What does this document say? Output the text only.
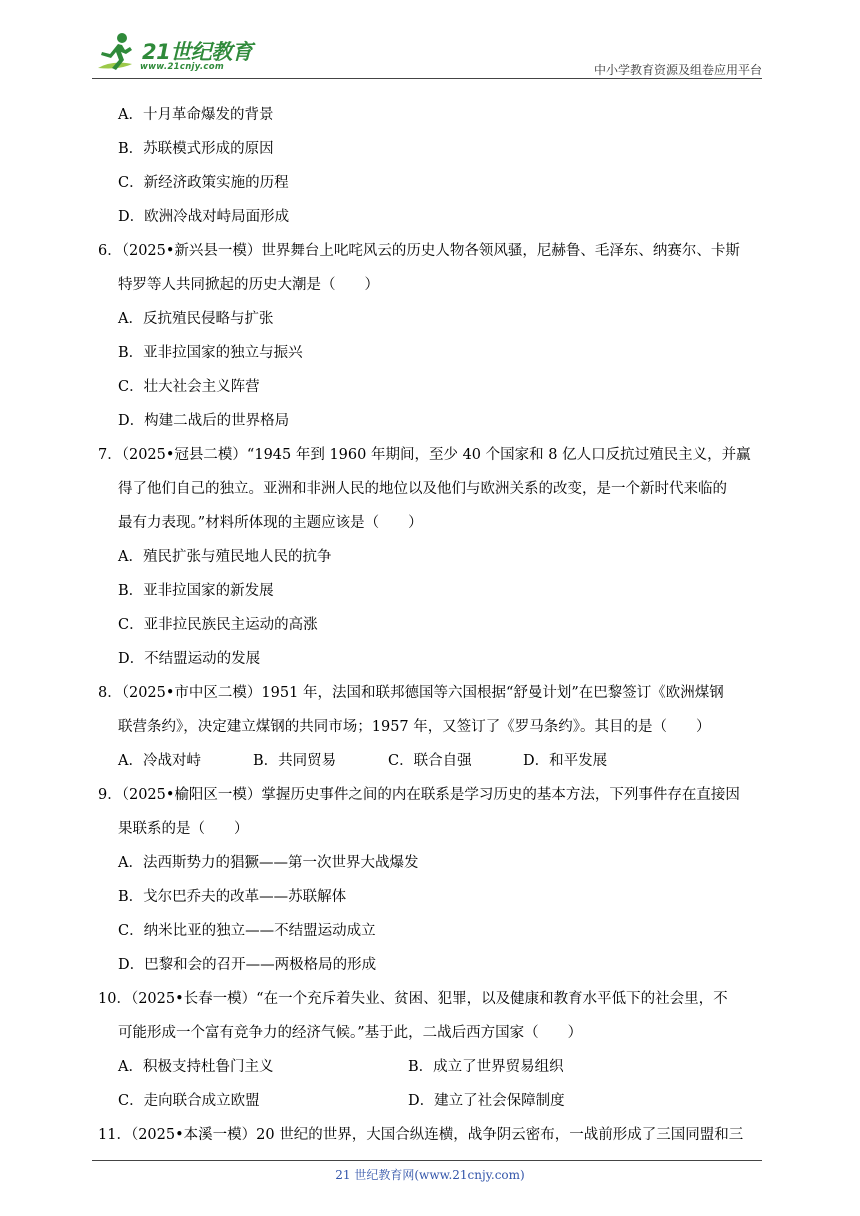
21世纪教育
www.21cnjy.com	中小学教育资源及组卷应用平台

A．十月革命爆发的背景

B．苏联模式形成的原因

C．新经济政策实施的历程

D．欧洲冷战对峙局面形成

6．（2025•新兴县一模）世界舞台上叱咤风云的历史人物各领风骚，尼赫鲁、毛泽东、纳赛尔、卡斯
特罗等人共同掀起的历史大潮是（　　）

A．反抗殖民侵略与扩张

B．亚非拉国家的独立与振兴

C．壮大社会主义阵营

D．构建二战后的世界格局

7．（2025•冠县二模）“1945 年到 1960 年期间，至少 40 个国家和 8 亿人口反抗过殖民主义，并赢
得了他们自己的独立。亚洲和非洲人民的地位以及他们与欧洲关系的改变，是一个新时代来临的
最有力表现。”材料所体现的主题应该是（　　）

A．殖民扩张与殖民地人民的抗争

B．亚非拉国家的新发展

C．亚非拉民族民主运动的高涨

D．不结盟运动的发展

8．（2025•市中区二模）1951 年，法国和联邦德国等六国根据“舒曼计划”在巴黎签订《欧洲煤钢
联营条约》，决定建立煤钢的共同市场；1957 年，又签订了《罗马条约》。其目的是（　　）

A．冷战对峙	B．共同贸易	C．联合自强	D．和平发展

9．（2025•榆阳区一模）掌握历史事件之间的内在联系是学习历史的基本方法，下列事件存在直接因
果联系的是（　　）

A．法西斯势力的猖獗——第一次世界大战爆发

B．戈尔巴乔夫的改革——苏联解体

C．纳米比亚的独立——不结盟运动成立

D．巴黎和会的召开——两极格局的形成

10．（2025•长春一模）“在一个充斥着失业、贫困、犯罪，以及健康和教育水平低下的社会里，不
可能形成一个富有竞争力的经济气候。”基于此，二战后西方国家（　　）

A．积极支持杜鲁门主义	B．成立了世界贸易组织
C．走向联合成立欧盟	D．建立了社会保障制度

11．（2025•本溪一模）20 世纪的世界，大国合纵连横，战争阴云密布，一战前形成了三国同盟和三

21 世纪教育网(www.21cnjy.com)
